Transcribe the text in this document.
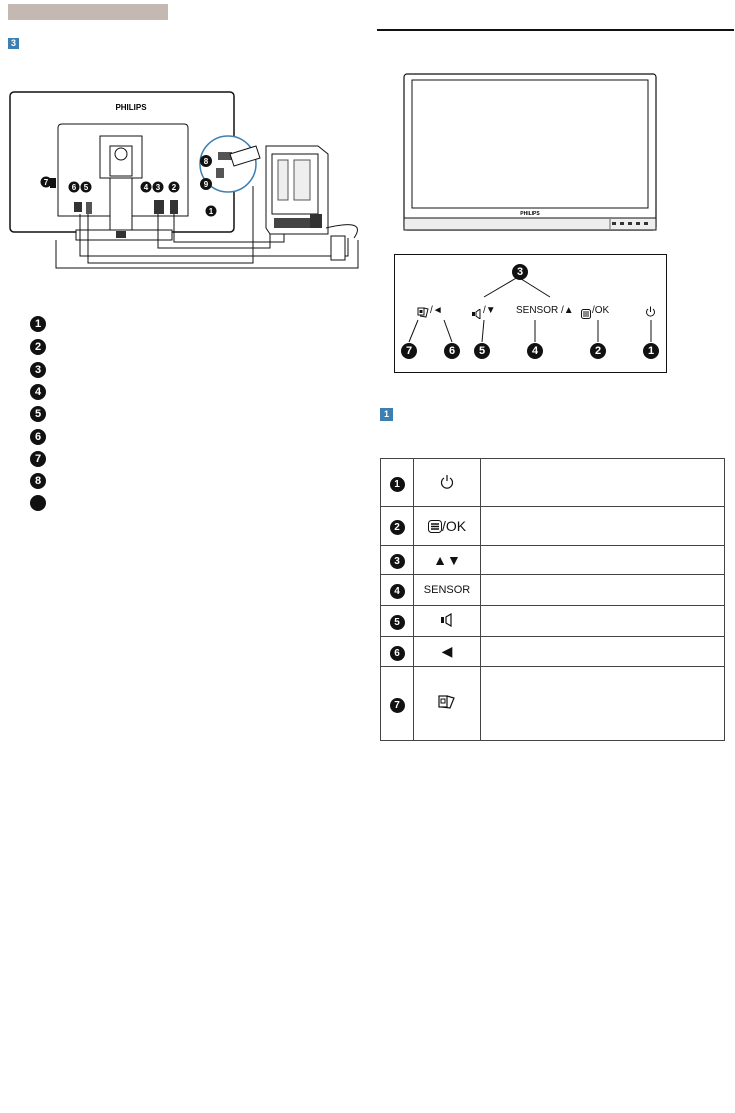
3
PHILIPS
1
2
3
4
5
6
7
8
9
1
2
3
4
5
6
7
8
9
PHILIPS
3
/◄	/▼ SENSOR /▲ /OK
7	6	5	4	2	1
1
1		
2	/OK	
3	▲▼	
4	SENSOR	
5		
6	◀	
7		
